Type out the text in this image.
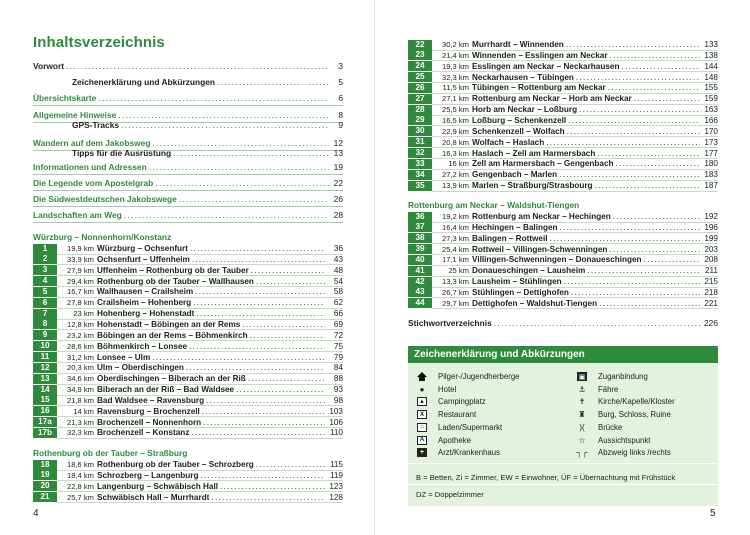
Inhaltsverzeichnis
Vorwort . . .	3
Zeichenerklärung und Abkürzungen . . .	5
Übersichtskarte . . .	6
Allgemeine Hinweise . . .	8
GPS-Tracks . . .	9
Wandern auf dem Jakobsweg . . .	12
Tipps für die Ausrüstung . . .	13
Informationen und Adressen . . .	19
Die Legende vom Apostelgrab . . .	22
Die Südwestdeutschen Jakobswege . . .	26
Landschaften am Weg . . .	28
Würzburg – Nonnenhorn/Konstanz
1	19,9 km Würzburg – Ochsenfurt . . .	36
2	33,9 km Ochsenfurt – Uffenheim . . .	43
3	27,9 km Uffenheim – Rothenburg ob der Tauber . . .	48
4	29,4 km Rothenburg ob der Tauber – Wallhausen . . .	54
5	16,7 km Wallhausen – Crailsheim . . .	58
6	27,8 km Crailsheim – Hohenberg . . .	62
7	23 km Hohenberg – Hohenstadt . . .	66
8	12,8 km Hohenstadt – Böbingen an der Rems . . .	69
9	23,2 km Böbingen an der Rems – Böhmenkirch . . .	72
10	28,6 km Böhmenkirch – Lonsee . . .	75
11	31,2 km Lonsee – Ulm . . .	79
12	20,3 km Ulm – Oberdischingen . . .	84
13	34,6 km Oberdischingen – Biberach an der Riß . . .	88
14	34,9 km Biberach an der Riß – Bad Waldsee . . .	93
15	21,8 km Bad Waldsee – Ravensburg . . .	98
16	14 km Ravensburg – Brochenzell . . .	103
17a	21,3 km Brochenzell – Nonnenhorn . . .	106
17b	32,3 km Brochenzell – Konstanz . . .	110
Rothenburg ob der Tauber – Straßburg
18	18,6 km Rothenburg ob der Tauber – Schrozberg . . .	115
19	18,4 km Schrozberg – Langenburg . . .	119
20	22,8 km Langenburg – Schwäbisch Hall . . .	123
21	25,7 km Schwäbisch Hall – Murrhardt . . .	128
4
22	30,2 km Murrhardt – Winnenden . . .	133
23	21,4 km Winnenden – Esslingen am Neckar . . .	138
24	19,3 km Esslingen am Neckar – Neckarhausen . . .	144
25	32,3 km Neckarhausen – Tübingen . . .	148
26	11,5 km Tübingen – Rottenburg am Neckar . . .	155
27	27,1 km Rottenburg am Neckar – Horb am Neckar . . .	159
28	25,5 km Horb am Neckar – Loßburg . . .	163
29	16,5 km Loßburg – Schenkenzell . . .	166
30	22,9 km Schenkenzell – Wolfach . . .	170
31	20,8 km Wolfach – Haslach . . .	173
32	16,3 km Haslach – Zell am Harmersbach . . .	177
33	16 km Zell am Harmersbach – Gengenbach . . .	180
34	27,2 km Gengenbach – Marlen . . .	183
35	13,9 km Marlen – Straßburg/Strasbourg . . .	187
Rottenburg am Neckar – Waldshut-Tiengen
36	19,2 km Rottenburg am Neckar – Hechingen . . .	192
37	16,4 km Hechingen – Balingen . . .	196
38	27,3 km Balingen – Rottweil . . .	199
39	25,4 km Rottweil – Villingen-Schwenningen . . .	203
40	17,1 km Villingen-Schwenningen – Donaueschingen . . .	208
41	25 km Donaueschingen – Lausheim . . .	211
42	13,3 km Lausheim – Stühlingen . . .	215
43	26,7 km Stühlingen – Dettighofen . . .	218
44	29,7 km Dettighofen – Waldshut-Tiengen . . .	221
Stichwortverzeichnis . . .	226
Zeichenerklärung und Abkürzungen
Pilger-/Jugendherberge
●	Hotel
▲ Campingplatz
X	Restaurant
⌂	Laden/Supermarkt
A	Apotheke
+	Arzt/Krankenhaus
▣ Zuganbindung
⚓	Fähre
✝	Kirche/Kapelle/Kloster
♜	Burg, Schloss, Ruine
)(	Brücke
☆	Aussichtspunkt
┐┌ Abzweig links /rechts
B = Betten, Zi = Zimmer, EW = Einwohner, ÜF = Übernachtung mit Frühstück
DZ = Doppelzimmer
5
